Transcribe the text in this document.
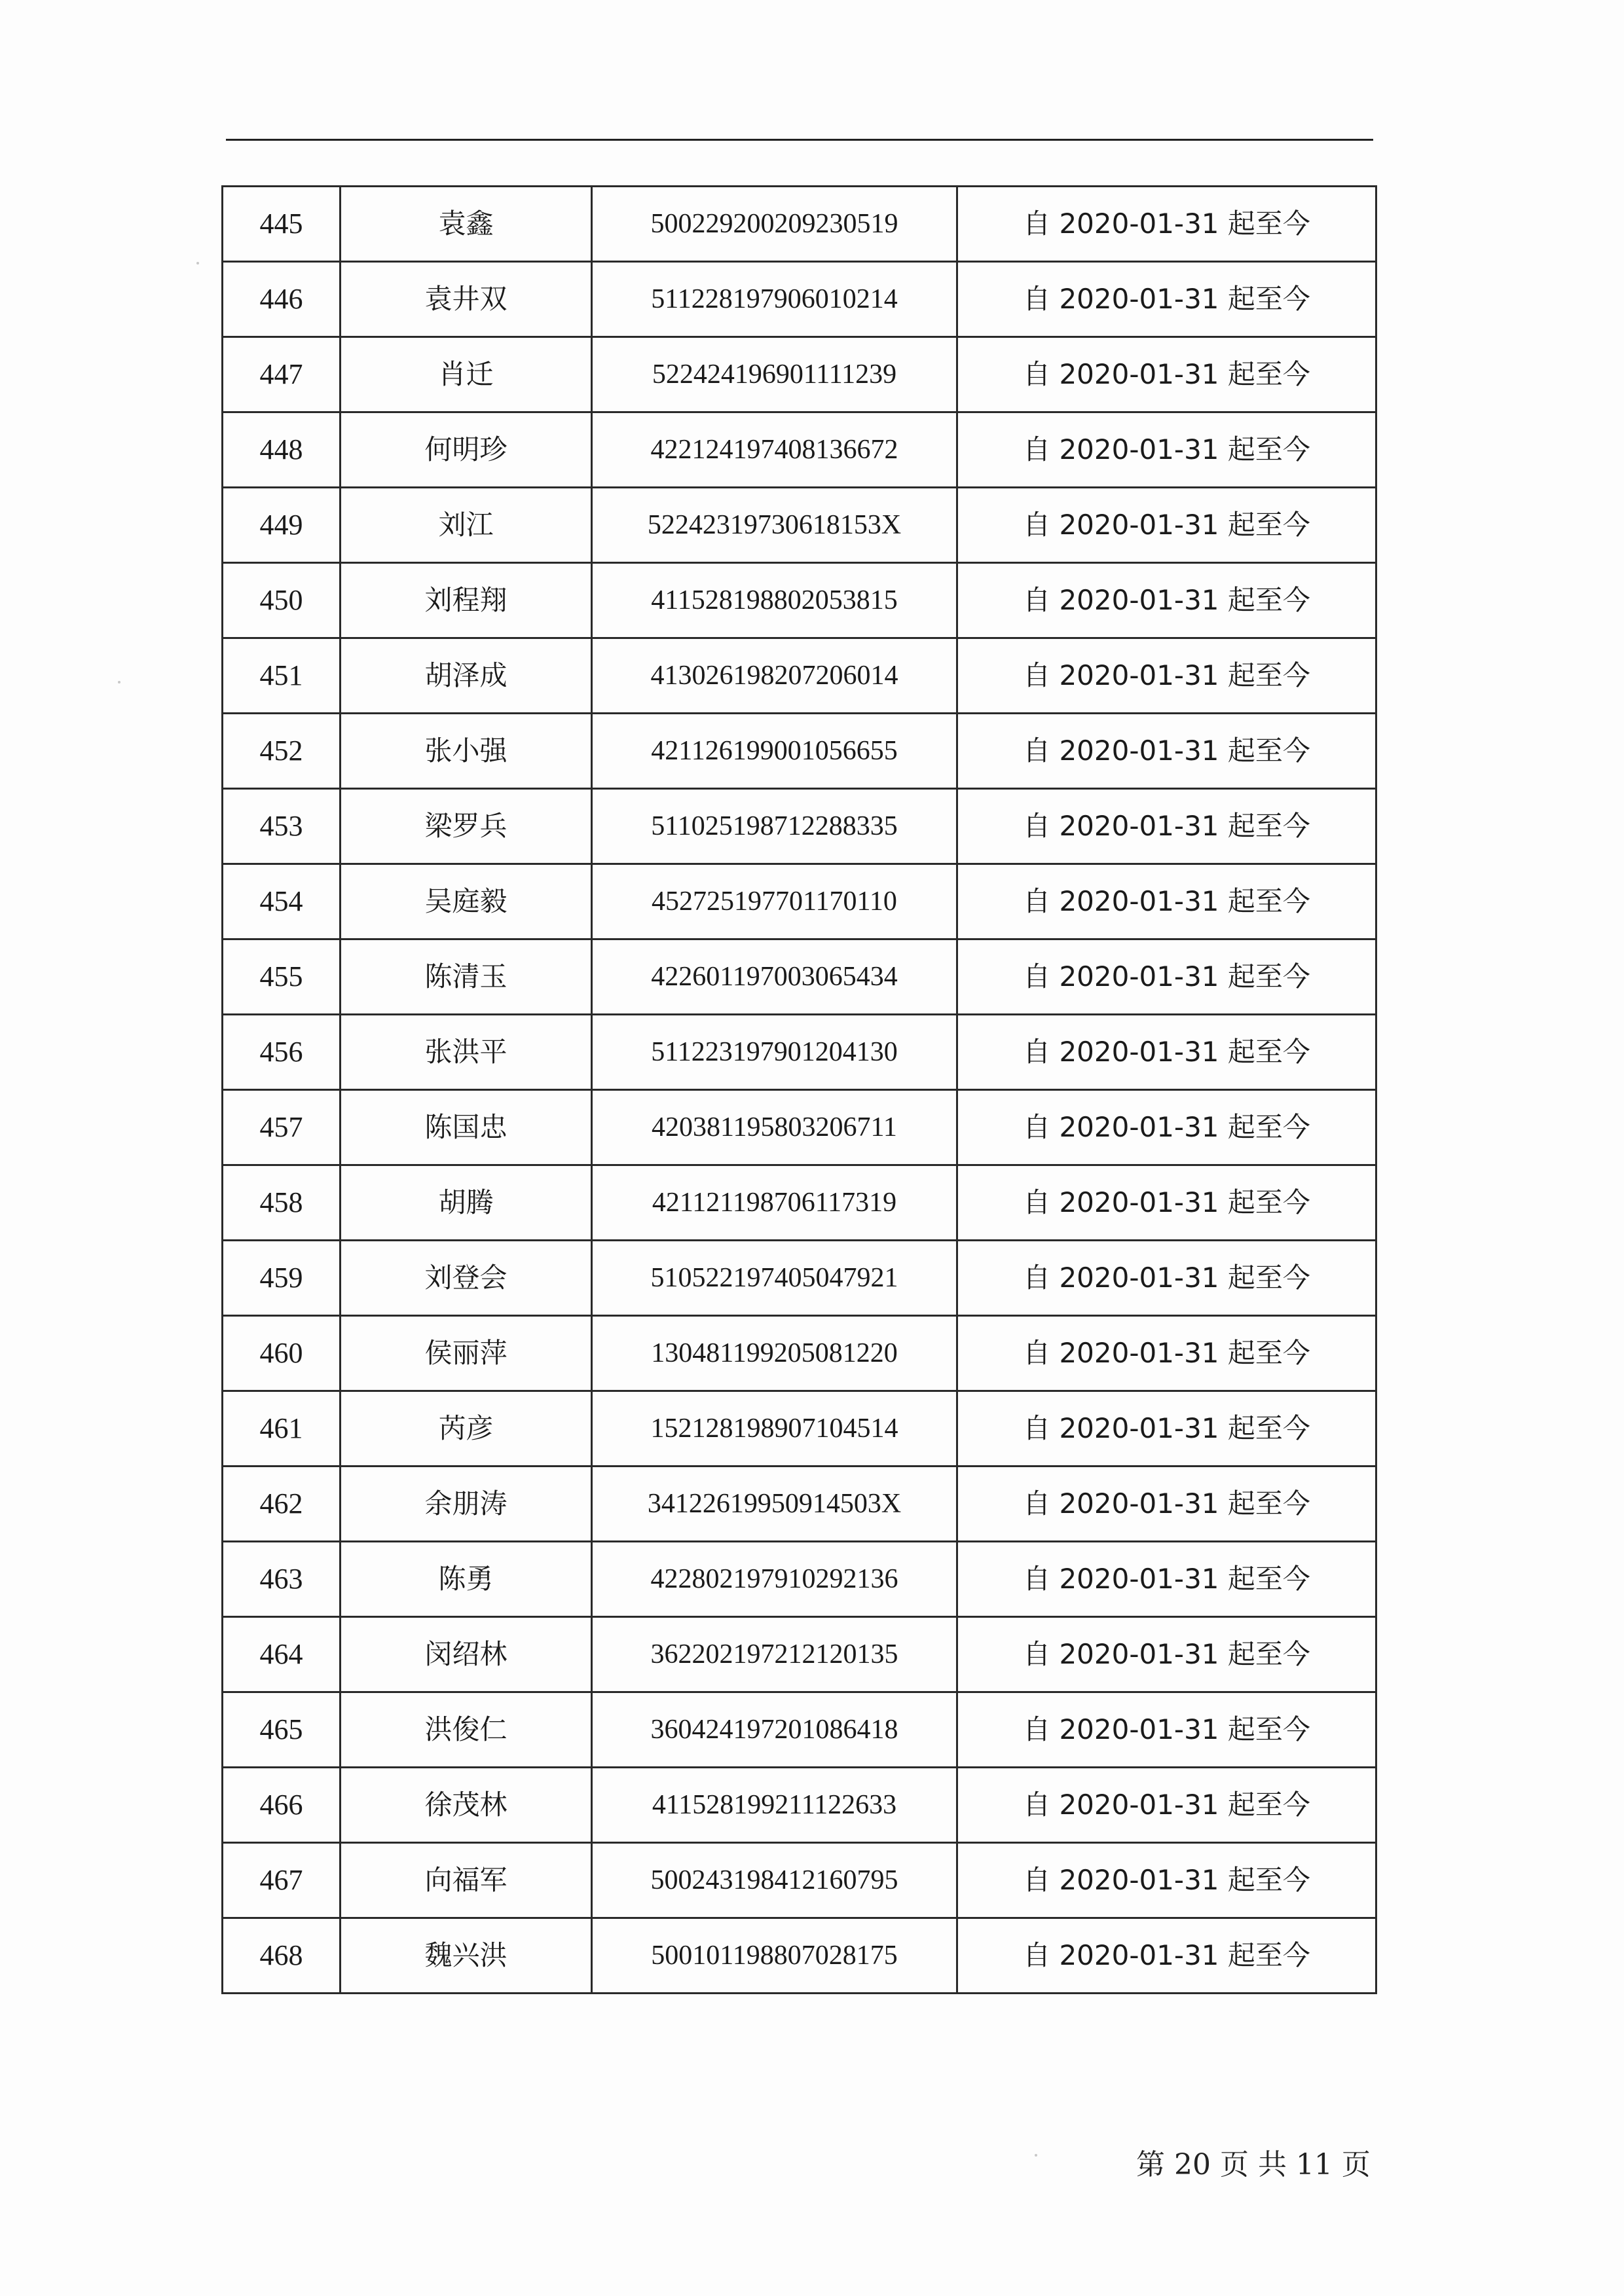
445	袁鑫	500229200209230519	自 2020-01-31 起至今
446	袁井双	511228197906010214	自 2020-01-31 起至今
447	肖迁	522424196901111239	自 2020-01-31 起至今
448	何明珍	422124197408136672	自 2020-01-31 起至今
449	刘江	52242319730618153X	自 2020-01-31 起至今
450	刘程翔	411528198802053815	自 2020-01-31 起至今
451	胡泽成	413026198207206014	自 2020-01-31 起至今
452	张小强	421126199001056655	自 2020-01-31 起至今
453	梁罗兵	511025198712288335	自 2020-01-31 起至今
454	吴庭毅	452725197701170110	自 2020-01-31 起至今
455	陈清玉	422601197003065434	自 2020-01-31 起至今
456	张洪平	511223197901204130	自 2020-01-31 起至今
457	陈国忠	420381195803206711	自 2020-01-31 起至今
458	胡腾	421121198706117319	自 2020-01-31 起至今
459	刘登会	510522197405047921	自 2020-01-31 起至今
460	侯丽萍	130481199205081220	自 2020-01-31 起至今
461	芮彦	152128198907104514	自 2020-01-31 起至今
462	余朋涛	34122619950914503X	自 2020-01-31 起至今
463	陈勇	422802197910292136	自 2020-01-31 起至今
464	闵绍林	362202197212120135	自 2020-01-31 起至今
465	洪俊仁	360424197201086418	自 2020-01-31 起至今
466	徐茂林	411528199211122633	自 2020-01-31 起至今
467	向福军	500243198412160795	自 2020-01-31 起至今
468	魏兴洪	500101198807028175	自 2020-01-31 起至今
第 20 页 共 11 页
